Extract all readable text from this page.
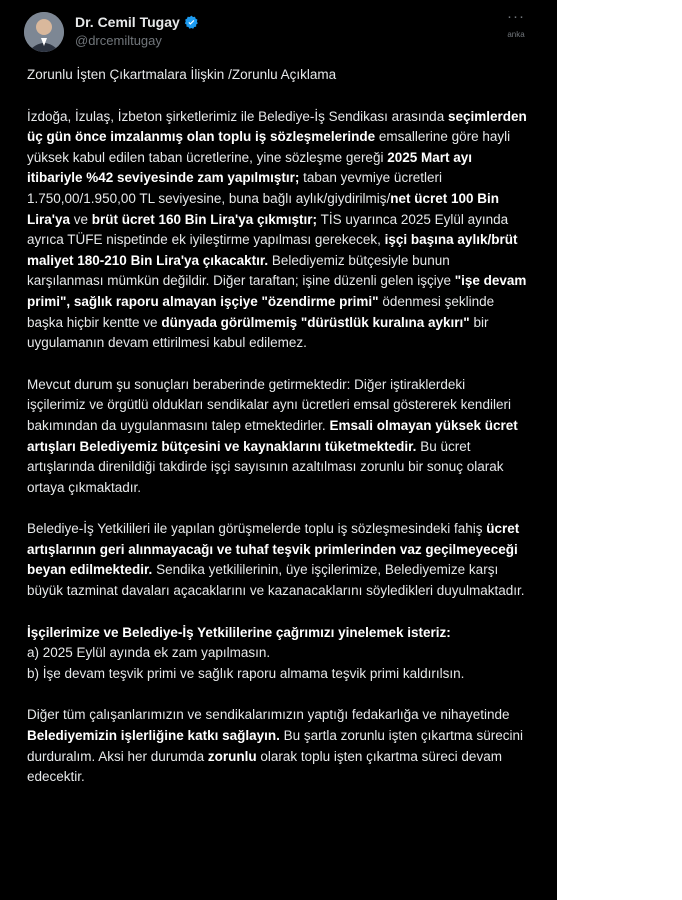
Dr. Cemil Tugay
@drcemiltugay
···
anka

Zorunlu İşten Çıkartmalara İlişkin /Zorunlu Açıklama

İzdoğa, İzulaş, İzbeton şirketlerimiz ile Belediye-İş Sendikası arasında seçimlerden üç gün önce imzalanmış olan toplu iş sözleşmelerinde emsallerine göre hayli yüksek kabul edilen taban ücretlerine, yine sözleşme gereği 2025 Mart ayı itibariyle %42 seviyesinde zam yapılmıştır; taban yevmiye ücretleri 1.750,00/1.950,00 TL seviyesine, buna bağlı aylık/giydirilmiş/net ücret 100 Bin Lira'ya ve brüt ücret 160 Bin Lira'ya çıkmıştır; TİS uyarınca 2025 Eylül ayında ayrıca TÜFE nispetinde ek iyileştirme yapılması gerekecek, işçi başına aylık/brüt maliyet 180-210 Bin Lira'ya çıkacaktır. Belediyemiz bütçesiyle bunun karşılanması mümkün değildir. Diğer taraftan; işine düzenli gelen işçiye "işe devam primi", sağlık raporu almayan işçiye "özendirme primi" ödenmesi şeklinde başka hiçbir kentte ve dünyada görülmemiş "dürüstlük kuralına aykırı" bir uygulamanın devam ettirilmesi kabul edilemez.

Mevcut durum şu sonuçları beraberinde getirmektedir: Diğer iştiraklerdeki işçilerimiz ve örgütlü oldukları sendikalar aynı ücretleri emsal göstererek kendileri bakımından da uygulanmasını talep etmektedirler. Emsali olmayan yüksek ücret artışları Belediyemiz bütçesini ve kaynaklarını tüketmektedir. Bu ücret artışlarında direnildiği takdirde işçi sayısının azaltılması zorunlu bir sonuç olarak ortaya çıkmaktadır.

Belediye-İş Yetkilileri ile yapılan görüşmelerde toplu iş sözleşmesindeki fahiş ücret artışlarının geri alınmayacağı ve tuhaf teşvik primlerinden vaz geçilmeyeceği beyan edilmektedir. Sendika yetkililerinin, üye işçilerimize, Belediyemize karşı büyük tazminat davaları açacaklarını ve kazanacaklarını söyledikleri duyulmaktadır.

İşçilerimize ve Belediye-İş Yetkililerine çağrımızı yinelemek isteriz:

a) 2025 Eylül ayında ek zam yapılmasın.

b) İşe devam teşvik primi ve sağlık raporu almama teşvik primi kaldırılsın.

Diğer tüm çalışanlarımızın ve sendikalarımızın yaptığı fedakarlığa ve nihayetinde Belediyemizin işlerliğine katkı sağlayın. Bu şartla zorunlu işten çıkartma sürecini durduralım. Aksi her durumda zorunlu olarak toplu işten çıkartma süreci devam edecektir.
